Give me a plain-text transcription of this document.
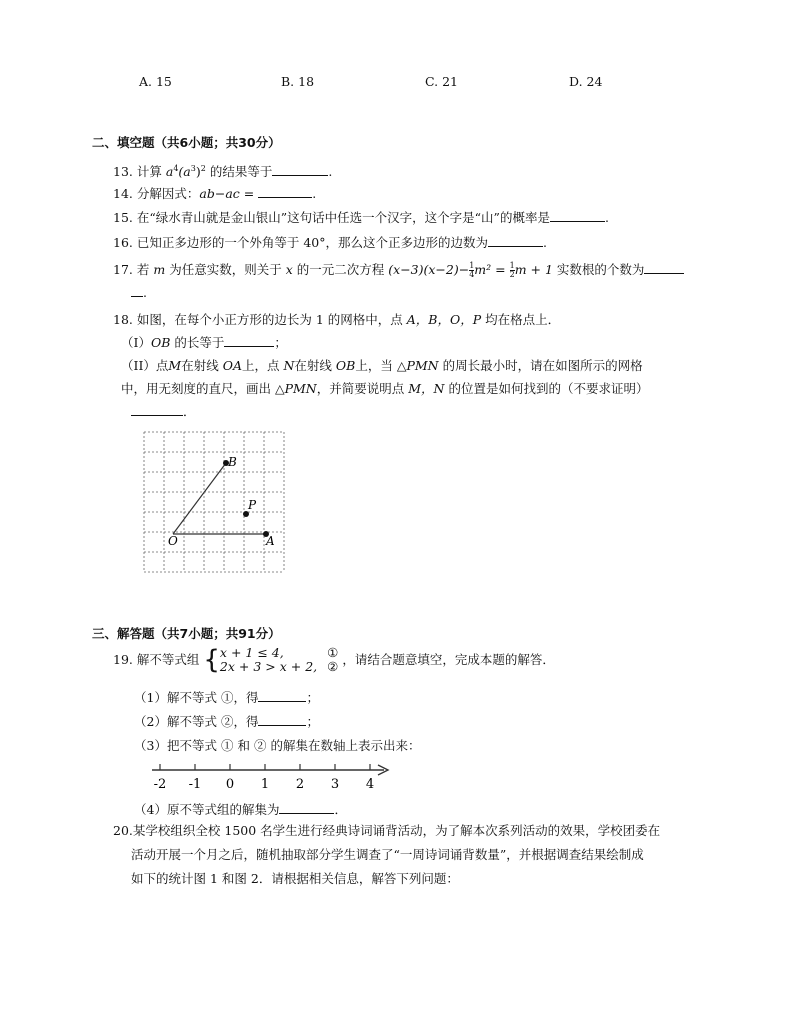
A. 15	B. 18	C. 21	D. 24
二、填空题（共6小题；共30分）
13. 计算 $a^4(a^3)^2$ 的结果等于	.
14. 分解因式：ab−ac =	.
15. 在“绿水青山就是金山银山”这句话中任选一个汉字，这个字是“山”的概率是	.
16. 已知正多边形的一个外角等于 40°，那么这个正多边形的边数为	.
17. 若 m 为任意实数，则关于 x 的一元二次方程 $(x-3)(x-2)- \frac{1}{4} m^2 = \frac{1}{2}$ m + 1 实数根的个数为
.
18. 如图，在每个小正方形的边长为 1 的网格中，点 A，B，O，P 均在格点上．
（I）OB 的长等于	；
（II）点M在射线 OA上，点 N在射线 OB上，当 △PMN 的周长最小时，请在如图所示的网格
中，用无刻度的直尺，画出 △PMN，并简要说明点 M，N 的位置是如何找到的（不要求证明）
．
B
P
O	A
三、解答题（共7小题；共91分）
19. 解不等式组 { x + 1 ≤ 4,
2x + 3 > x + 2,

①
② ，请结合题意填空，完成本题的解答．
（1）解不等式 ①，得	；
（2）解不等式 ②，得	；
（3）把不等式 ① 和 ② 的解集在数轴上表示出来：
-2 -1 0 1 2 3 4
（4）原不等式组的解集为	．
20.某学校组织全校 1500 名学生进行经典诗词诵背活动，为了解本次系列活动的效果，学校团委在
活动开展一个月之后，随机抽取部分学生调查了“一周诗词诵背数量”，并根据调查结果绘制成
如下的统计图 1 和图 2．请根据相关信息，解答下列问题：
